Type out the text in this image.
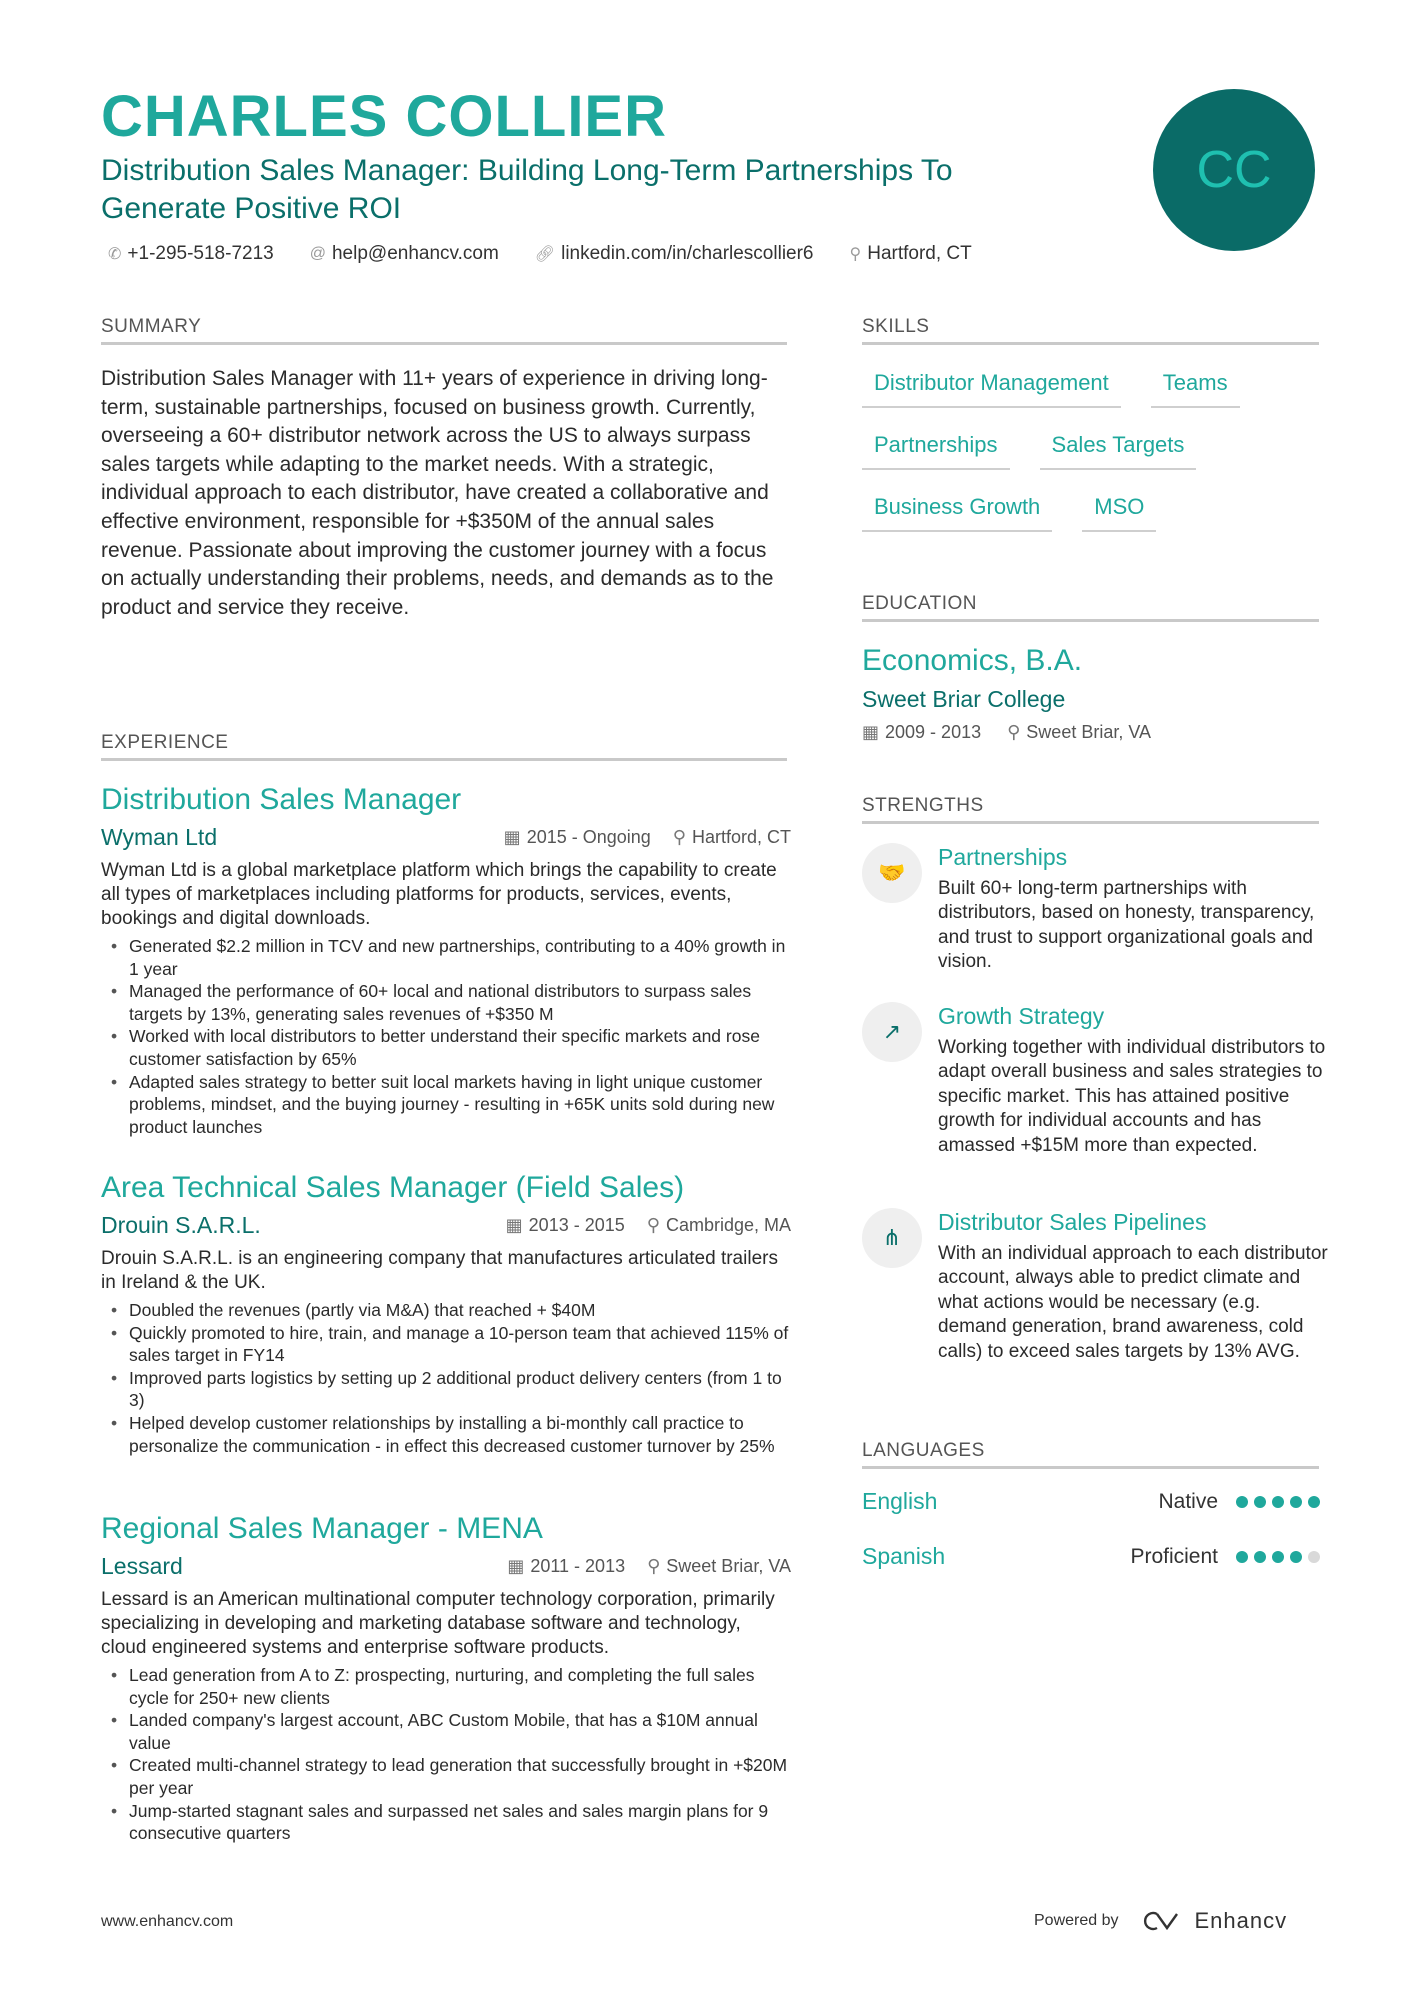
CHARLES COLLIER
Distribution Sales Manager: Building Long-Term Partnerships To Generate Positive ROI
CC
✆ +1-295-518-7213 @ help@enhancv.com 🔗︎ linkedin.com/in/charlescollier6 ⚲ Hartford, CT
SUMMARY

Distribution Sales Manager with 11+ years of experience in driving long-term, sustainable partnerships, focused on business growth. Currently, overseeing a 60+ distributor network across the US to always surpass sales targets while adapting to the market needs. With a strategic, individual approach to each distributor, have created a collaborative and effective environment, responsible for +$350M of the annual sales revenue. Passionate about improving the customer journey with a focus on actually understanding their problems, needs, and demands as to the product and service they receive.

EXPERIENCE
Distribution Sales Manager
Wyman Ltd	▦ 2015 - Ongoing ⚲ Hartford, CT

Wyman Ltd is a global marketplace platform which brings the capability to create all types of marketplaces including platforms for products, services, events, bookings and digital downloads.

• Generated $2.2 million in TCV and new partnerships, contributing to a 40% growth in 1 year
• Managed the performance of 60+ local and national distributors to surpass sales targets by 13%, generating sales revenues of +$350 M
• Worked with local distributors to better understand their specific markets and rose customer satisfaction by 65%
• Adapted sales strategy to better suit local markets having in light unique customer problems, mindset, and the buying journey - resulting in +65K units sold during new product launches
Area Technical Sales Manager (Field Sales)
Drouin S.A.R.L.	▦ 2013 - 2015 ⚲ Cambridge, MA

Drouin S.A.R.L. is an engineering company that manufactures articulated trailers in Ireland & the UK.

• Doubled the revenues (partly via M&A) that reached + $40M
• Quickly promoted to hire, train, and manage a 10-person team that achieved 115% of sales target in FY14
• Improved parts logistics by setting up 2 additional product delivery centers (from 1 to 3)
• Helped develop customer relationships by installing a bi-monthly call practice to personalize the communication - in effect this decreased customer turnover by 25%
Regional Sales Manager - MENA
Lessard	▦ 2011 - 2013 ⚲ Sweet Briar, VA

Lessard is an American multinational computer technology corporation, primarily specializing in developing and marketing database software and technology, cloud engineered systems and enterprise software products.

• Lead generation from A to Z: prospecting, nurturing, and completing the full sales cycle for 250+ new clients
• Landed company's largest account, ABC Custom Mobile, that has a $10M annual value
• Created multi-channel strategy to lead generation that successfully brought in +$20M per year
• Jump-started stagnant sales and surpassed net sales and sales margin plans for 9 consecutive quarters
SKILLS
Distributor Management	Teams
Partnerships	Sales Targets
Business Growth	MSO
EDUCATION
Economics, B.A.
Sweet Briar College
▦ 2009 - 2013 ⚲ Sweet Briar, VA
STRENGTHS
🤝
Partnerships

Built 60+ long-term partnerships with distributors, based on honesty, transparency, and trust to support organizational goals and vision.

↗
Growth Strategy

Working together with individual distributors to adapt overall business and sales strategies to specific market. This has attained positive growth for individual accounts and has amassed +$15M more than expected.

⋔
Distributor Sales Pipelines

With an individual approach to each distributor account, always able to predict climate and what actions would be necessary (e.g. demand generation, brand awareness, cold calls) to exceed sales targets by 13% AVG.

LANGUAGES
English	Native
Spanish	Proficient
www.enhancv.com	Powered by	Enhancv
